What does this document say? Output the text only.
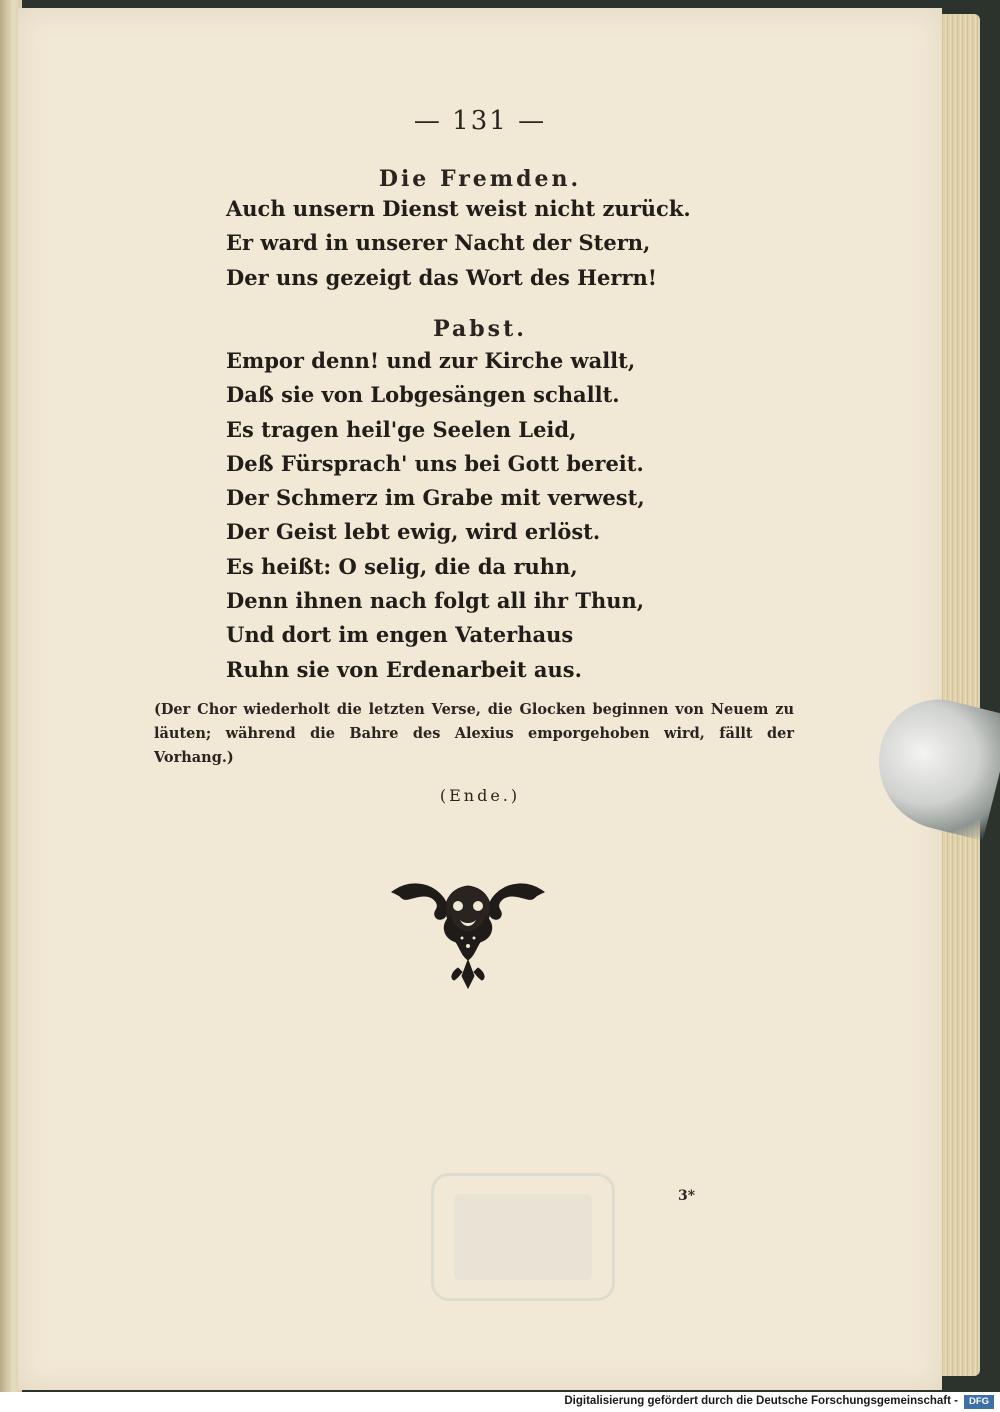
— 131 —
Die Fremden.
Auch unsern Dienst weist nicht zurück.
Er ward in unserer Nacht der Stern,
Der uns gezeigt das Wort des Herrn!
Pabst.
Empor denn! und zur Kirche wallt,
Daß sie von Lobgesängen schallt.
Es tragen heil'ge Seelen Leid,
Deß Fürsprach' uns bei Gott bereit.
Der Schmerz im Grabe mit verwest,
Der Geist lebt ewig, wird erlöst.
Es heißt: O selig, die da ruhn,
Denn ihnen nach folgt all ihr Thun,
Und dort im engen Vaterhaus
Ruhn sie von Erdenarbeit aus.
(Der Chor wiederholt die letzten Verse, die Glocken beginnen von Neuem zu läuten; während die Bahre des Alexius emporgehoben wird, fällt der Vorhang.)
(Ende.)
3*
Digitalisierung gefördert durch die Deutsche Forschungsgemeinschaft -	DFG
